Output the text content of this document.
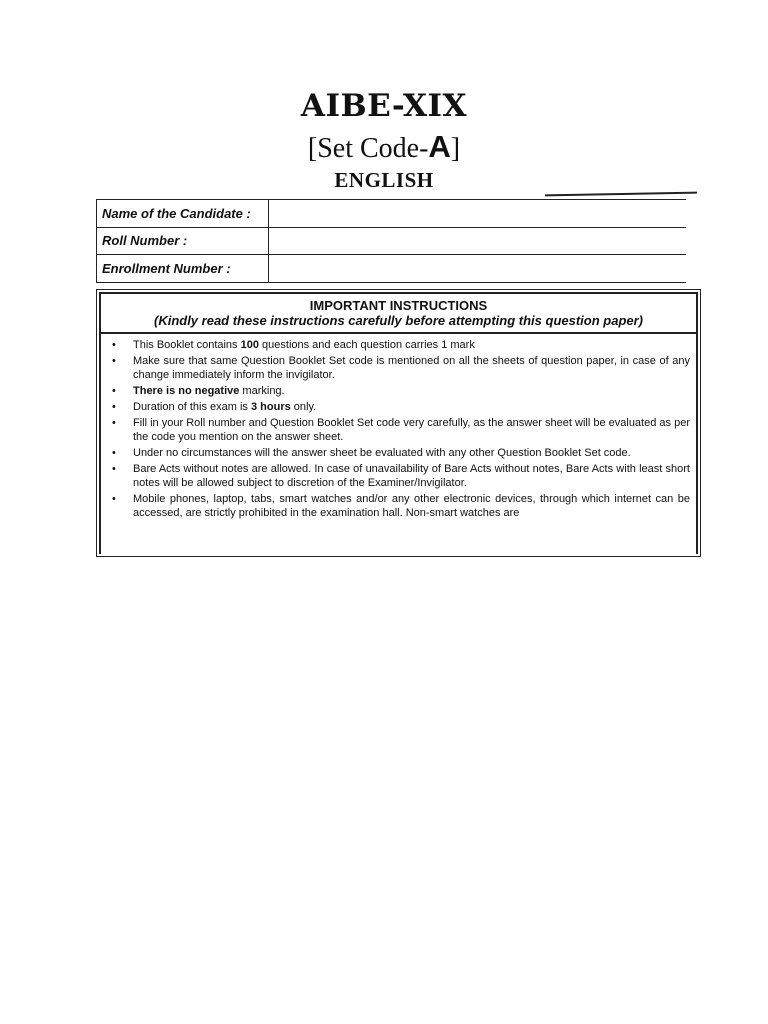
AIBE-XIX
[Set Code-A]
ENGLISH
Name of the Candidate :	
Roll Number :	
Enrollment Number :	
IMPORTANT INSTRUCTIONS
(Kindly read these instructions carefully before attempting this question paper)
• This Booklet contains 100 questions and each question carries 1 mark
• Make sure that same Question Booklet Set code is mentioned on all the sheets of question paper, in case of any change immediately inform the invigilator.
• There is no negative marking.
• Duration of this exam is 3 hours only.
• Fill in your Roll number and Question Booklet Set code very carefully, as the answer sheet will be evaluated as per the code you mention on the answer sheet.
• Under no circumstances will the answer sheet be evaluated with any other Question Booklet Set code.
• Bare Acts without notes are allowed. In case of unavailability of Bare Acts without notes, Bare Acts with least short notes will be allowed subject to discretion of the Examiner/Invigilator.
• Mobile phones, laptop, tabs, smart watches and/or any other electronic devices, through which internet can be accessed, are strictly prohibited in the examination hall. Non-smart watches are
